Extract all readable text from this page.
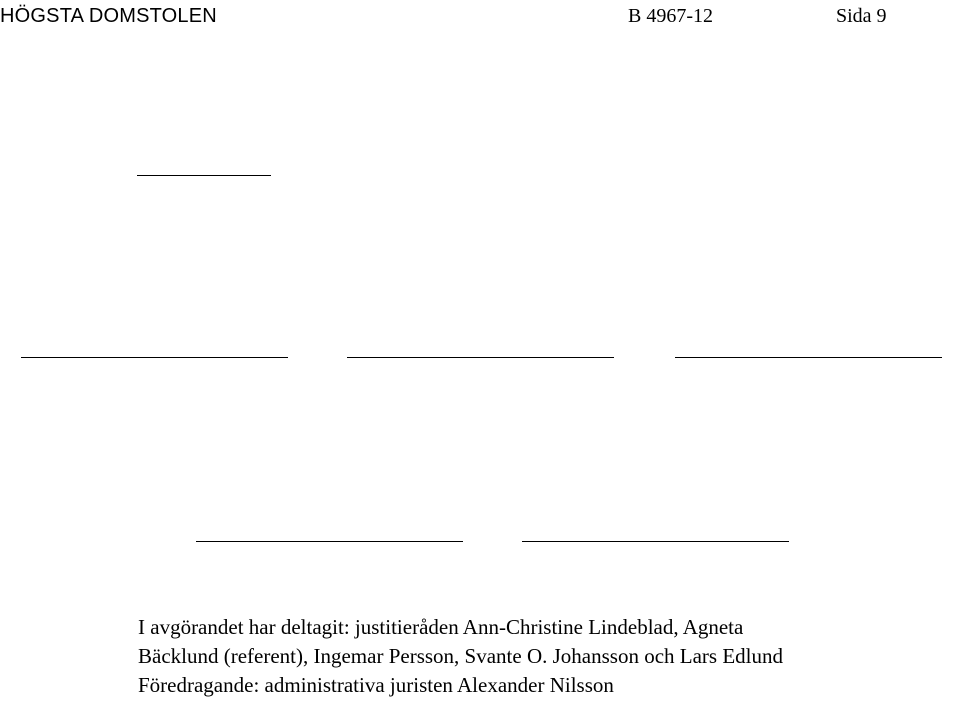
HÖGSTA DOMSTOLEN	B 4967-12	Sida 9
I avgörandet har deltagit: justitieråden Ann-Christine Lindeblad, Agneta
Bäcklund (referent), Ingemar Persson, Svante O. Johansson och Lars Edlund
Föredragande: administrativa juristen Alexander Nilsson
